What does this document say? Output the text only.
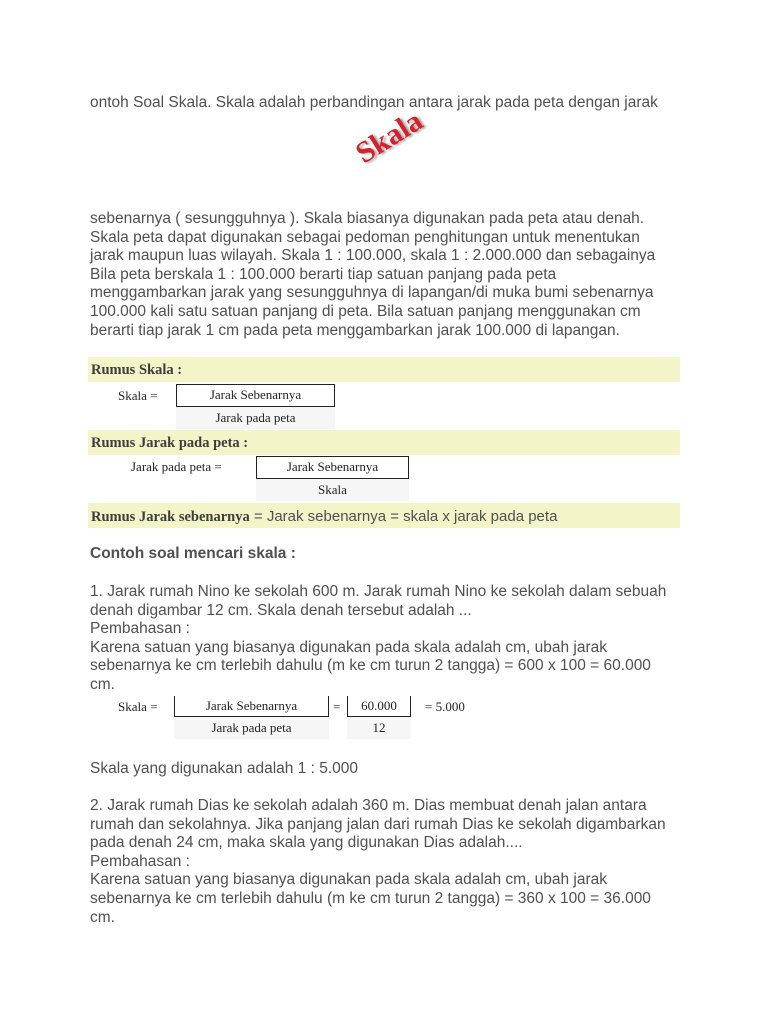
ontoh Soal Skala. Skala adalah perbandingan antara jarak pada peta dengan jarak
Skala
sebenarnya ( sesungguhnya ). Skala biasanya digunakan pada peta atau denah.
Skala peta dapat digunakan sebagai pedoman penghitungan untuk menentukan
jarak maupun luas wilayah. Skala 1 : 100.000, skala 1 : 2.000.000 dan sebagainya
Bila peta berskala 1 : 100.000 berarti tiap satuan panjang pada peta
menggambarkan jarak yang sesungguhnya di lapangan/di muka bumi sebenarnya
100.000 kali satu satuan panjang di peta. Bila satuan panjang menggunakan cm
berarti tiap jarak 1 cm pada peta menggambarkan jarak 100.000 di lapangan.
Rumus Skala :
Skala =	Jarak Sebenarnya
Jarak pada peta
Rumus Jarak pada peta :
Jarak pada peta =	Jarak Sebenarnya
Skala
Rumus Jarak sebenarnya = Jarak sebenarnya = skala x jarak pada peta
Contoh soal mencari skala :
1. Jarak rumah Nino ke sekolah 600 m. Jarak rumah Nino ke sekolah dalam sebuah
denah digambar 12 cm. Skala denah tersebut adalah ...
Pembahasan :
Karena satuan yang biasanya digunakan pada skala adalah cm, ubah jarak
sebenarnya ke cm terlebih dahulu (m ke cm turun 2 tangga) = 600 x 100 = 60.000
cm.
Skala =	Jarak Sebenarnya
Jarak pada peta
=	60.000
12
= 5.000
Skala yang digunakan adalah 1 : 5.000
2. Jarak rumah Dias ke sekolah adalah 360 m. Dias membuat denah jalan antara
rumah dan sekolahnya. Jika panjang jalan dari rumah Dias ke sekolah digambarkan
pada denah 24 cm, maka skala yang digunakan Dias adalah....
Pembahasan :
Karena satuan yang biasanya digunakan pada skala adalah cm, ubah jarak
sebenarnya ke cm terlebih dahulu (m ke cm turun 2 tangga) = 360 x 100 = 36.000
cm.
